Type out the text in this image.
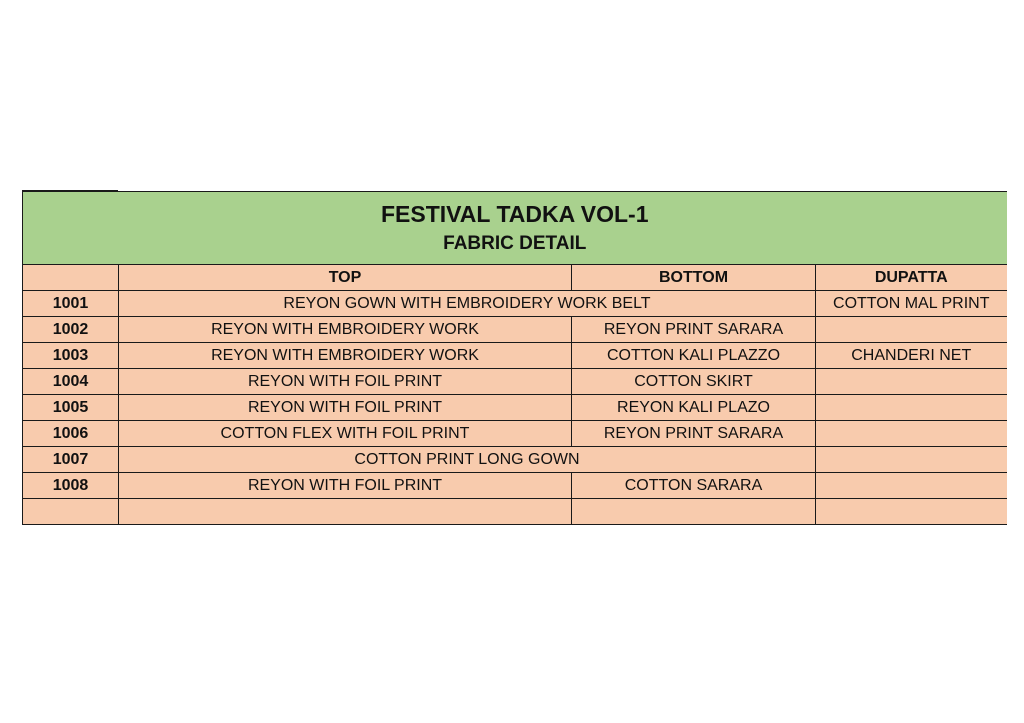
FESTIVAL TADKA VOL-1
FABRIC DETAIL			

	TOP	BOTTOM	DUPATTA
1001	REYON GOWN WITH EMBROIDERY WORK BELT		COTTON MAL PRINT
1002	REYON WITH EMBROIDERY WORK	REYON PRINT SARARA	
1003	REYON WITH EMBROIDERY WORK	COTTON KALI PLAZZO	CHANDERI NET
1004	REYON WITH FOIL PRINT	COTTON SKIRT	
1005	REYON WITH FOIL PRINT	REYON KALI PLAZO	
1006	COTTON FLEX WITH FOIL PRINT	REYON PRINT SARARA	
1007	COTTON PRINT LONG GOWN		
1008	REYON WITH FOIL PRINT	COTTON SARARA	
